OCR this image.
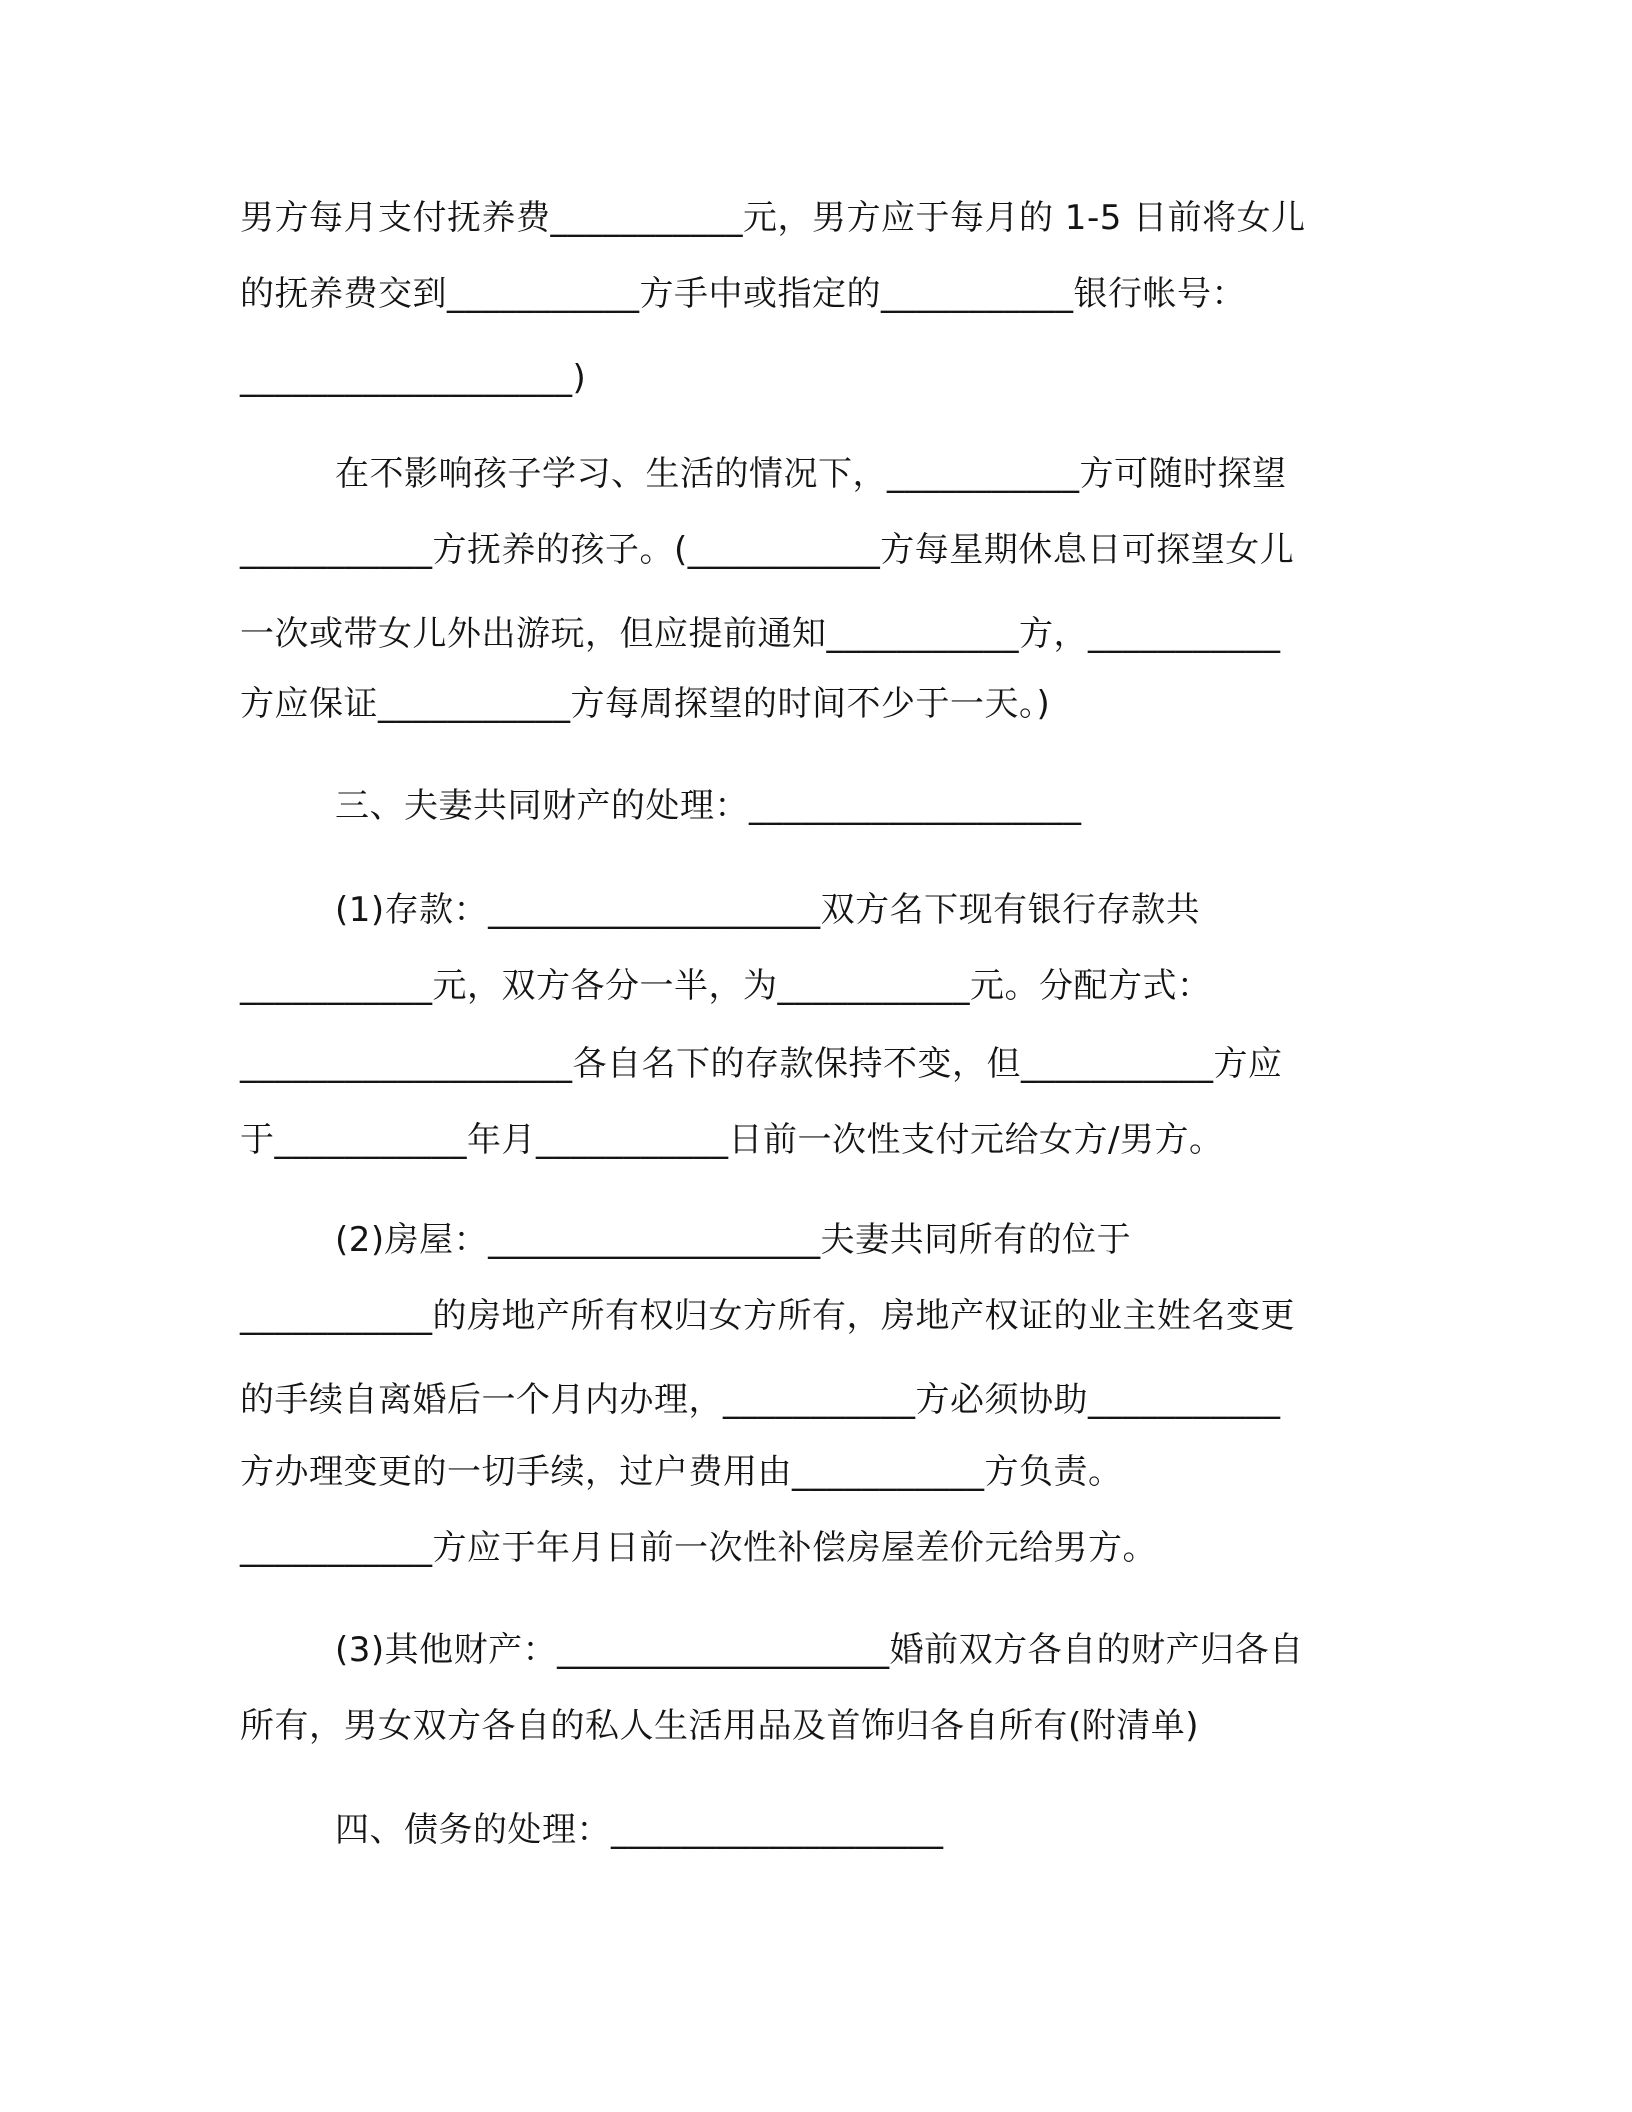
男方每月支付抚养费___________元，男方应于每月的 1-5 日前将女儿
的抚养费交到___________方手中或指定的___________银行帐号：
___________________)
在不影响孩子学习、生活的情况下，___________方可随时探望
___________方抚养的孩子。(___________方每星期休息日可探望女儿
一次或带女儿外出游玩，但应提前通知___________方，___________
方应保证___________方每周探望的时间不少于一天。)
三、夫妻共同财产的处理：___________________
(1)存款：___________________双方名下现有银行存款共
___________元，双方各分一半，为___________元。分配方式：
___________________各自名下的存款保持不变，但___________方应
于___________年月___________日前一次性支付元给女方/男方。
(2)房屋：___________________夫妻共同所有的位于
___________的房地产所有权归女方所有，房地产权证的业主姓名变更
的手续自离婚后一个月内办理，___________方必须协助___________
方办理变更的一切手续，过户费用由___________方负责。
___________方应于年月日前一次性补偿房屋差价元给男方。
(3)其他财产：___________________婚前双方各自的财产归各自
所有，男女双方各自的私人生活用品及首饰归各自所有(附清单)
四、债务的处理：___________________
